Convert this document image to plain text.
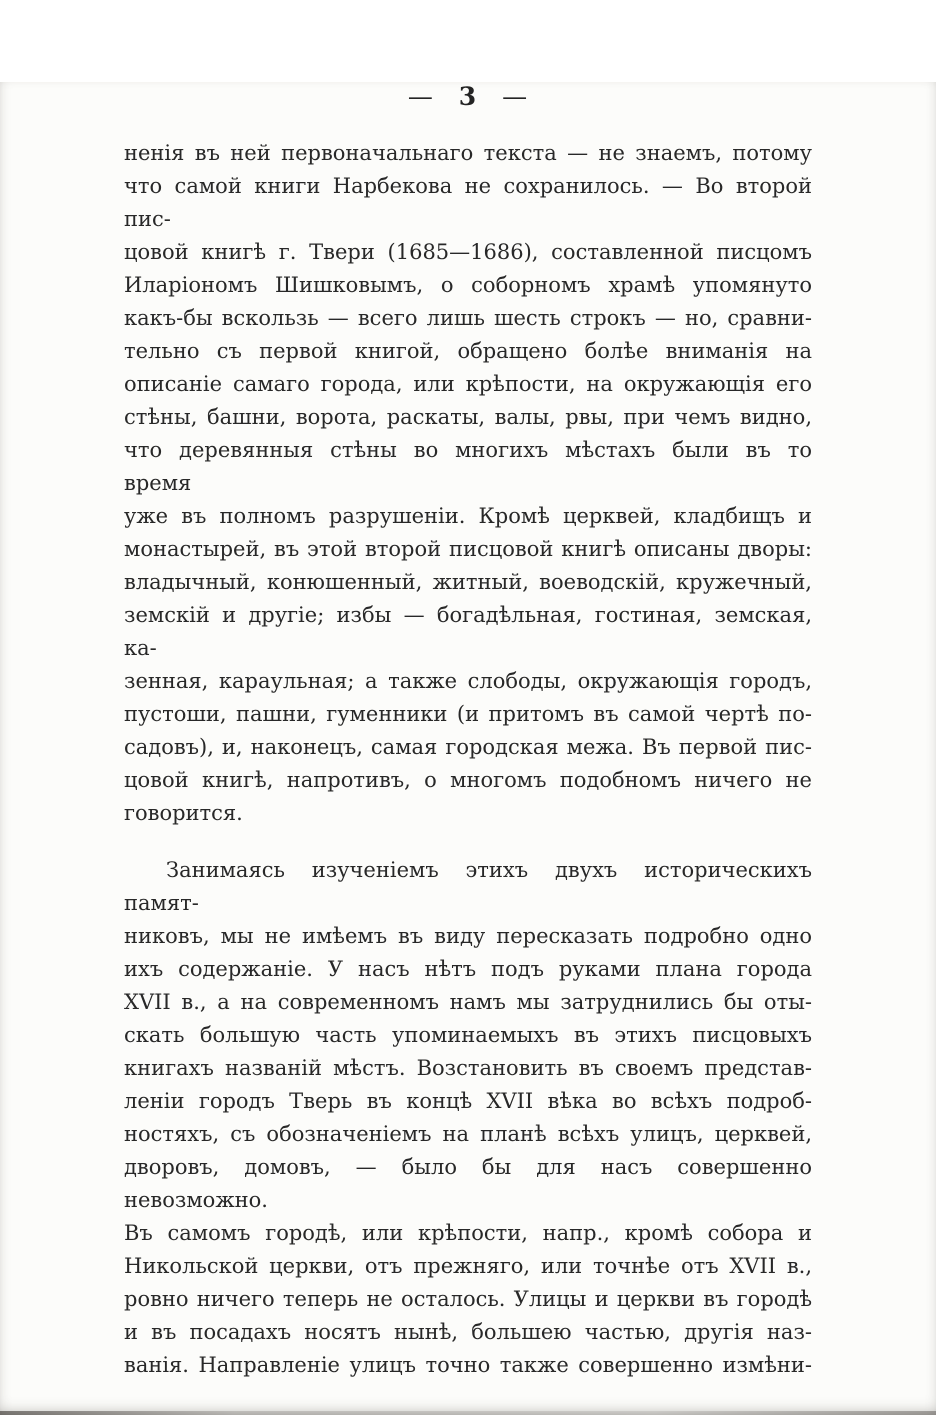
— 3 —
ненія въ ней первоначальнаго текста — не знаемъ, потому
что самой книги Нарбекова не сохранилось. — Во второй пис-
цовой книгѣ г. Твери (1685—1686), составленной писцомъ
Иларіономъ Шишковымъ, о соборномъ храмѣ упомянуто
какъ-бы вскользь — всего лишь шесть строкъ — но, сравни-
тельно съ первой книгой, обращено болѣе вниманія на
описаніе самаго города, или крѣпости, на окружающія его
стѣны, башни, ворота, раскаты, валы, рвы, при чемъ видно,
что деревянныя стѣны во многихъ мѣстахъ были въ то время
уже въ полномъ разрушеніи. Кромѣ церквей, кладбищъ и
монастырей, въ этой второй писцовой книгѣ описаны дворы:
владычный, конюшенный, житный, воеводскій, кружечный,
земскій и другіе; избы — богадѣльная, гостиная, земская, ка-
зенная, караульная; а также слободы, окружающія городъ,
пустоши, пашни, гуменники (и притомъ въ самой чертѣ по-
садовъ), и, наконецъ, самая городская межа. Въ первой пис-
цовой книгѣ, напротивъ, о многомъ подобномъ ничего не
говорится.
Занимаясь изученіемъ этихъ двухъ историческихъ памят-
никовъ, мы не имѣемъ въ виду пересказать подробно одно
ихъ содержаніе. У насъ нѣтъ подъ руками плана города
XVII в., а на современномъ намъ мы затруднились бы оты-
скать большую часть упоминаемыхъ въ этихъ писцовыхъ
книгахъ названій мѣстъ. Возстановить въ своемъ представ-
леніи городъ Тверь въ концѣ XVII вѣка во всѣхъ подроб-
ностяхъ, съ обозначеніемъ на планѣ всѣхъ улицъ, церквей,
дворовъ, домовъ, — было бы для насъ совершенно невозможно.
Въ самомъ городѣ, или крѣпости, напр., кромѣ собора и
Никольской церкви, отъ прежняго, или точнѣе отъ XVII в.,
ровно ничего теперь не осталось. Улицы и церкви въ городѣ
и въ посадахъ носятъ нынѣ, большею частью, другія наз-
ванія. Направленіе улицъ точно также совершенно измѣни-
